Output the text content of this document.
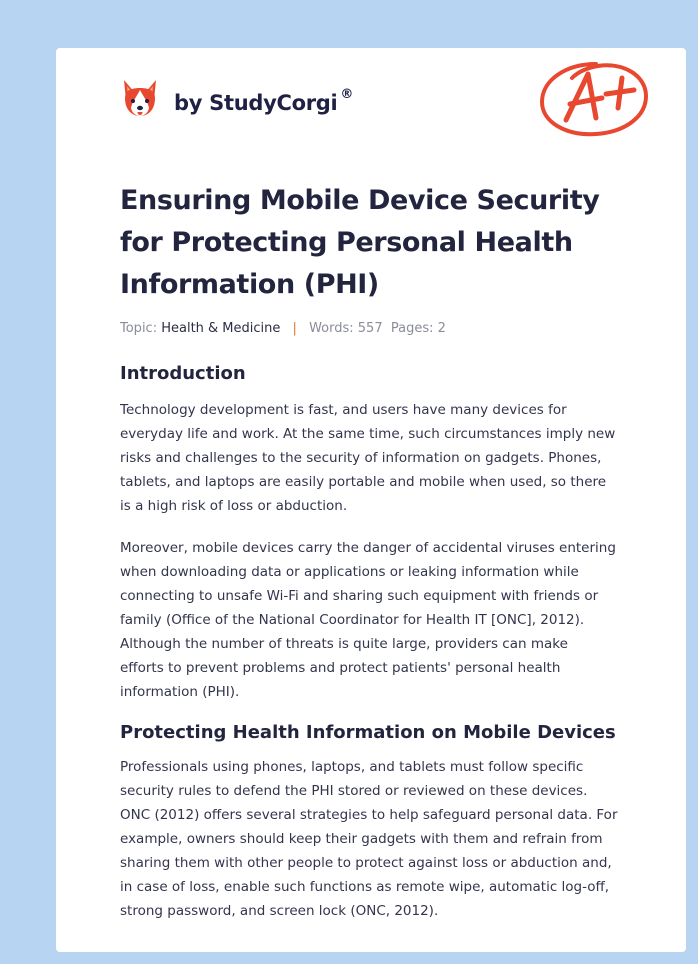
by StudyCorgi ®
Ensuring Mobile Device Security
for Protecting Personal Health
Information (PHI)
Topic: Health & Medicine | Words: 557 Pages: 2
Introduction

Technology development is fast, and users have many devices for
everyday life and work. At the same time, such circumstances imply new
risks and challenges to the security of information on gadgets. Phones,
tablets, and laptops are easily portable and mobile when used, so there
is a high risk of loss or abduction.

Moreover, mobile devices carry the danger of accidental viruses entering
when downloading data or applications or leaking information while
connecting to unsafe Wi-Fi and sharing such equipment with friends or
family (Office of the National Coordinator for Health IT [ONC], 2012).
Although the number of threats is quite large, providers can make
efforts to prevent problems and protect patients' personal health
information (PHI).

Protecting Health Information on Mobile Devices

Professionals using phones, laptops, and tablets must follow specific
security rules to defend the PHI stored or reviewed on these devices.
ONC (2012) offers several strategies to help safeguard personal data. For
example, owners should keep their gadgets with them and refrain from
sharing them with other people to protect against loss or abduction and,
in case of loss, enable such functions as remote wipe, automatic log-off,
strong password, and screen lock (ONC, 2012).
